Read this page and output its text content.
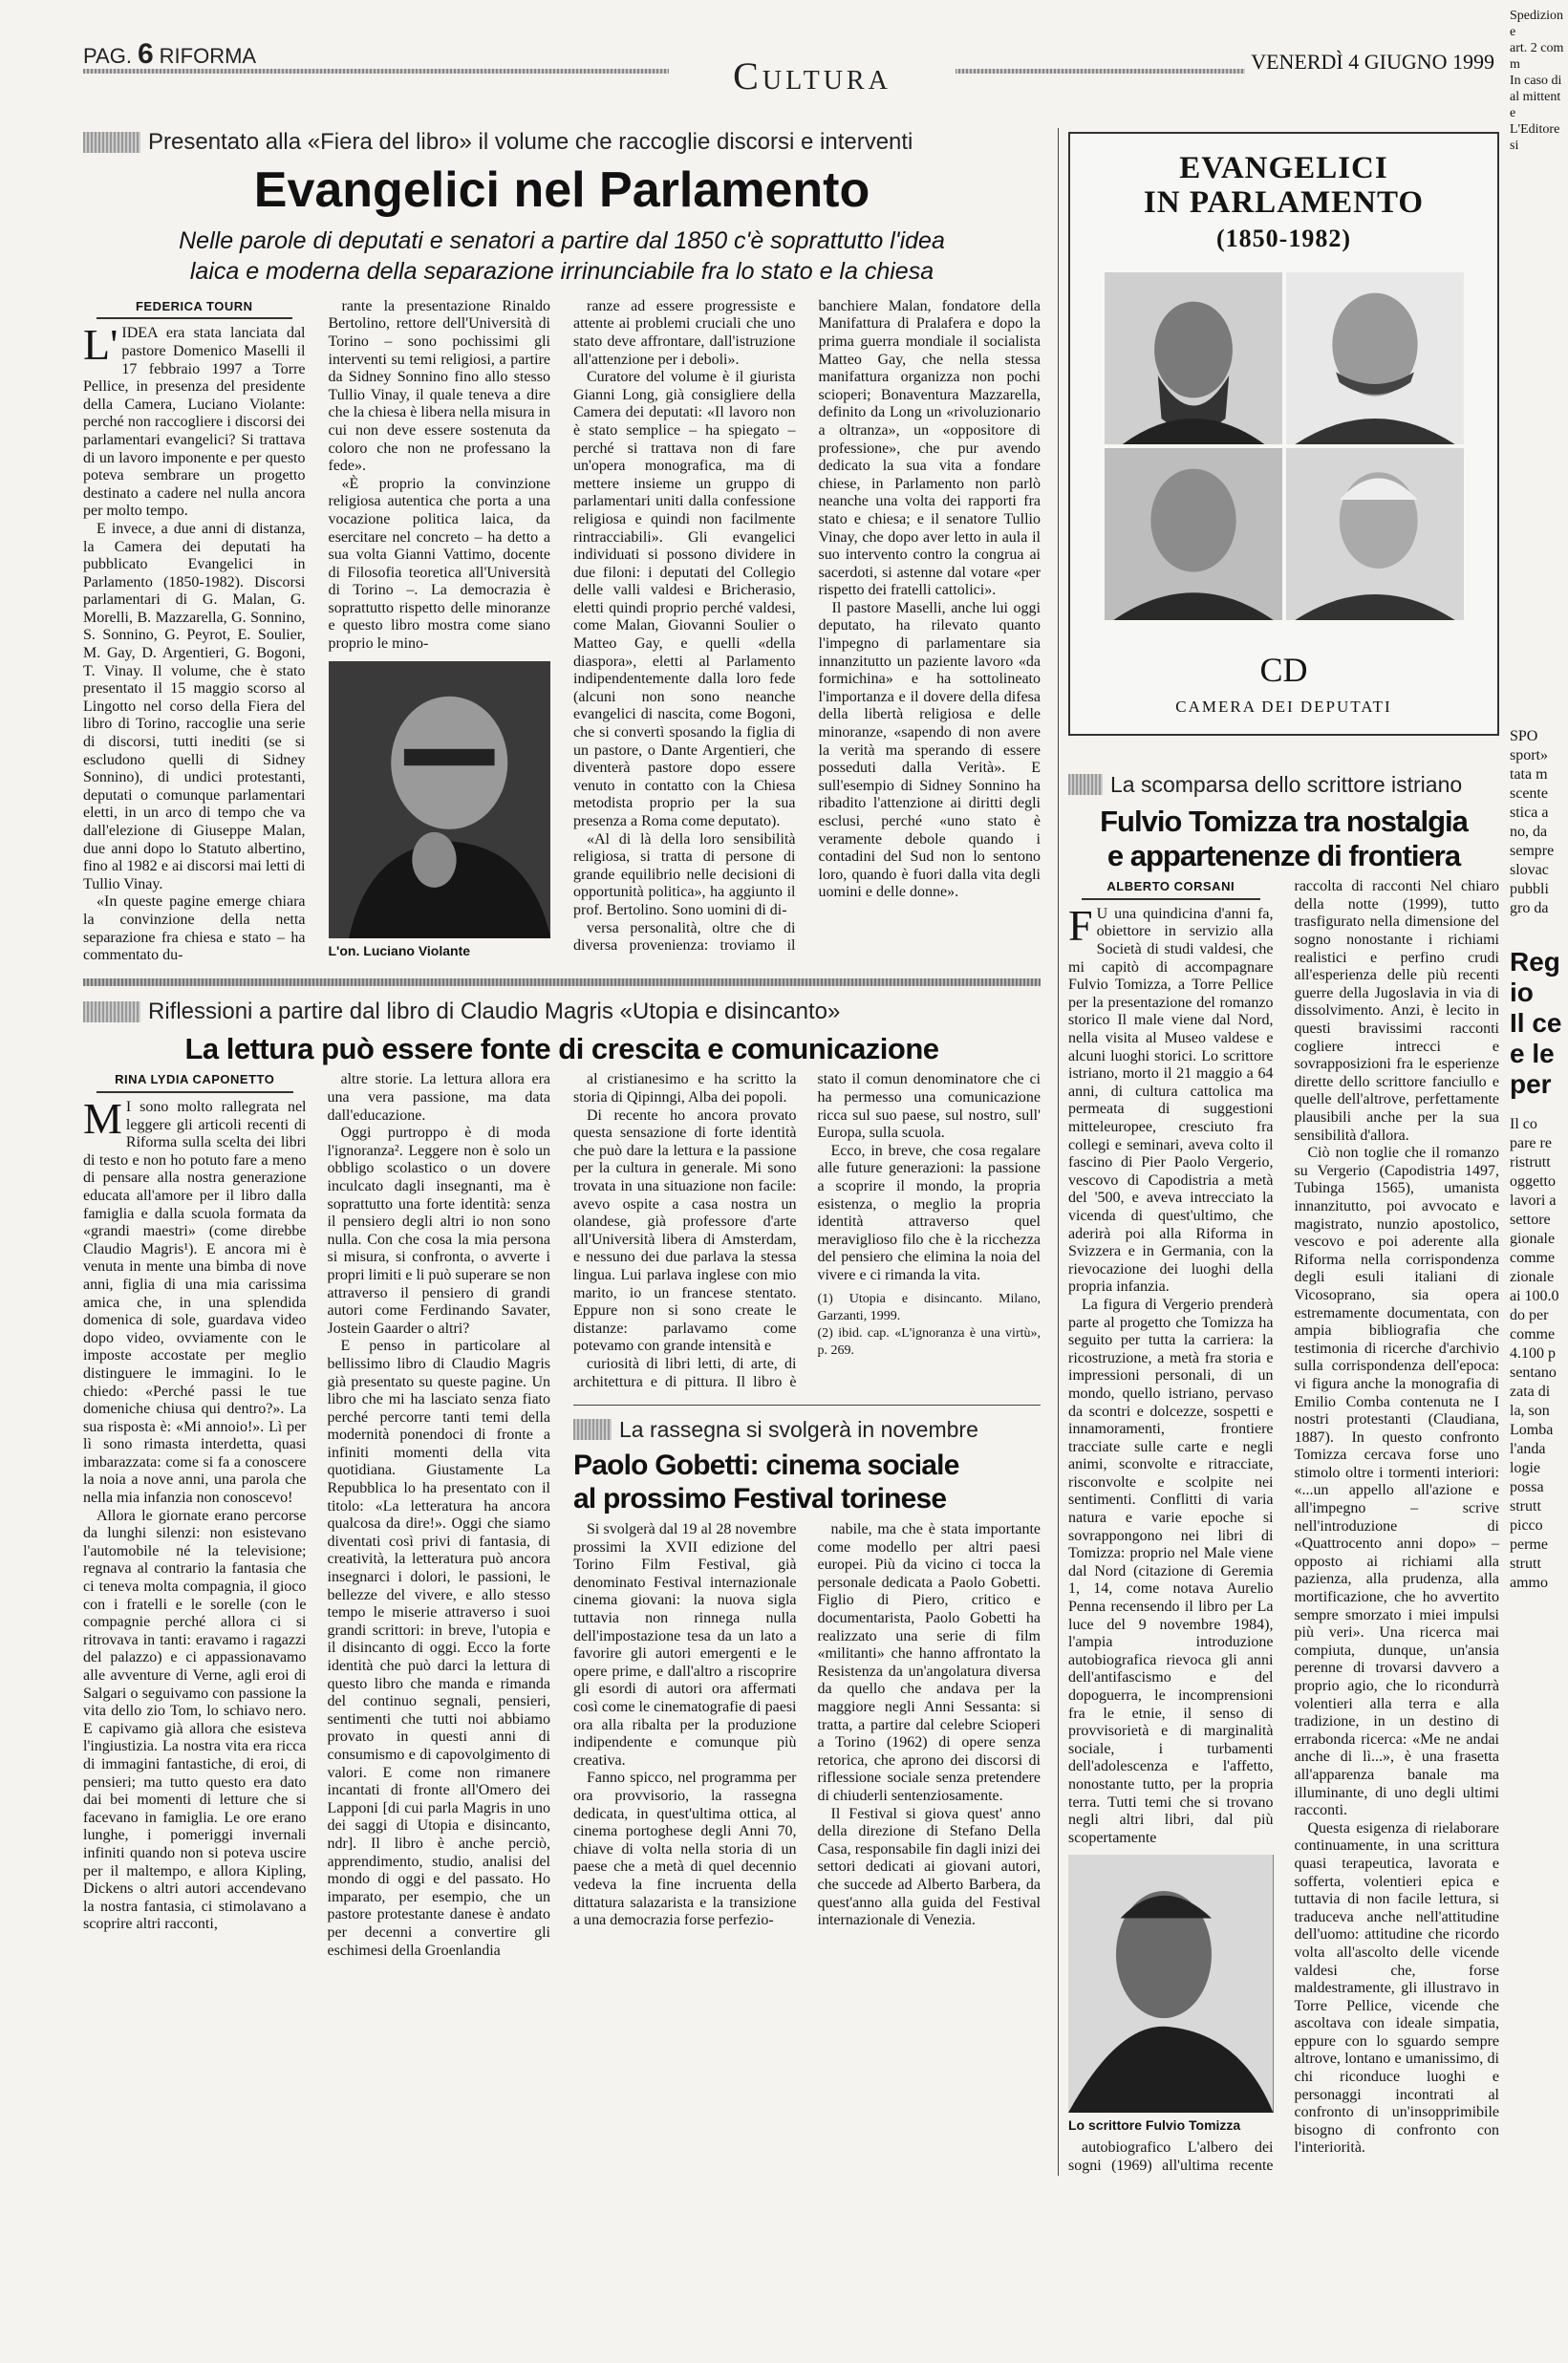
PAG. 6 RIFORMA	Cultura	VENERDÌ 4 GIUGNO 1999
Presentato alla «Fiera del libro» il volume che raccoglie discorsi e interventi
Evangelici nel Parlamento
Nelle parole di deputati e senatori a partire dal 1850 c'è soprattutto l'idea
laica e moderna della separazione irrinunciabile fra lo stato e la chiesa
FEDERICA TOURN

L'IDEA era stata lanciata dal pastore Domenico Maselli il 17 febbraio 1997 a Torre Pellice, in presenza del presidente della Camera, Luciano Violante: perché non raccogliere i discorsi dei parlamentari evangelici? Si trattava di un lavoro imponente e per questo poteva sembrare un progetto destinato a cadere nel nulla ancora per molto tempo.

E invece, a due anni di distanza, la Camera dei deputati ha pubblicato Evangelici in Parlamento (1850-1982). Discorsi parlamentari di G. Malan, G. Morelli, B. Mazzarella, G. Sonnino, S. Sonnino, G. Peyrot, E. Soulier, M. Gay, D. Argentieri, G. Bogoni, T. Vinay. Il volume, che è stato presentato il 15 maggio scorso al Lingotto nel corso della Fiera del libro di Torino, raccoglie una serie di discorsi, tutti inediti (se si escludono quelli di Sidney Sonnino), di undici protestanti, deputati o comunque parlamentari eletti, in un arco di tempo che va dall'elezione di Giuseppe Malan, due anni dopo lo Statuto albertino, fino al 1982 e ai discorsi mai letti di Tullio Vinay.

«In queste pagine emerge chiara la convinzione della netta separazione fra chiesa e stato – ha commentato du-

rante la presentazione Rinaldo Bertolino, rettore dell'Università di Torino – sono pochissimi gli interventi su temi religiosi, a partire da Sidney Sonnino fino allo stesso Tullio Vinay, il quale teneva a dire che la chiesa è libera nella misura in cui non deve essere sostenuta da coloro che non ne professano la fede».

«È proprio la convinzione religiosa autentica che porta a una vocazione politica laica, da esercitare nel concreto – ha detto a sua volta Gianni Vattimo, docente di Filosofia teoretica all'Università di Torino –. La democrazia è soprattutto rispetto delle minoranze e questo libro mostra come siano proprio le mino-

L'on. Luciano Violante

ranze ad essere progressiste e attente ai problemi cruciali che uno stato deve affrontare, dall'istruzione all'attenzione per i deboli».

Curatore del volume è il giurista Gianni Long, già consigliere della Camera dei deputati: «Il lavoro non è stato semplice – ha spiegato – perché si trattava non di fare un'opera monografica, ma di mettere insieme un gruppo di parlamentari uniti dalla confessione religiosa e quindi non facilmente rintracciabili». Gli evangelici individuati si possono dividere in due filoni: i deputati del Collegio delle valli valdesi e Bricherasio, eletti quindi proprio perché valdesi, come Malan, Giovanni Soulier o Matteo Gay, e quelli «della diaspora», eletti al Parlamento indipendentemente dalla loro fede (alcuni non sono neanche evangelici di nascita, come Bogoni, che si convertì sposando la figlia di un pastore, o Dante Argentieri, che diventerà pastore dopo essere venuto in contatto con la Chiesa metodista proprio per la sua presenza a Roma come deputato).

«Al di là della loro sensibilità religiosa, si tratta di persone di grande equilibrio nelle decisioni di opportunità politica», ha aggiunto il prof. Bertolino. Sono uomini di di-

versa personalità, oltre che di diversa provenienza: troviamo il banchiere Malan, fondatore della Manifattura di Pralafera e dopo la prima guerra mondiale il socialista Matteo Gay, che nella stessa manifattura organizza non pochi scioperi; Bonaventura Mazzarella, definito da Long un «rivoluzionario a oltranza», un «oppositore di professione», che pur avendo dedicato la sua vita a fondare chiese, in Parlamento non parlò neanche una volta dei rapporti fra stato e chiesa; e il senatore Tullio Vinay, che dopo aver letto in aula il suo intervento contro la congrua ai sacerdoti, si astenne dal votare «per rispetto dei fratelli cattolici».

Il pastore Maselli, anche lui oggi deputato, ha rilevato quanto l'impegno di parlamentare sia innanzitutto un paziente lavoro «da formichina» e ha sottolineato l'importanza e il dovere della difesa della libertà religiosa e delle minoranze, «sapendo di non avere la verità ma sperando di essere posseduti dalla Verità». E sull'esempio di Sidney Sonnino ha ribadito l'attenzione ai diritti degli esclusi, perché «uno stato è veramente debole quando i contadini del Sud non lo sentono loro, quando è fuori dalla vita degli uomini e delle donne».

Riflessioni a partire dal libro di Claudio Magris «Utopia e disincanto»
La lettura può essere fonte di crescita e comunicazione
RINA LYDIA CAPONETTO

MI sono molto rallegrata nel leggere gli articoli recenti di Riforma sulla scelta dei libri di testo e non ho potuto fare a meno di pensare alla nostra generazione educata all'amore per il libro dalla famiglia e dalla scuola formata da «grandi maestri» (come direbbe Claudio Magris¹). E ancora mi è venuta in mente una bimba di nove anni, figlia di una mia carissima amica che, in una splendida domenica di sole, guardava video dopo video, ovviamente con le imposte accostate per meglio distinguere le immagini. Io le chiedo: «Perché passi le tue domeniche chiusa qui dentro?». La sua risposta è: «Mi annoio!». Lì per lì sono rimasta interdetta, quasi imbarazzata: come si fa a conoscere la noia a nove anni, una parola che nella mia infanzia non conoscevo!

Allora le giornate erano percorse da lunghi silenzi: non esistevano l'automobile né la televisione; regnava al contrario la fantasia che ci teneva molta compagnia, il gioco con i fratelli e le sorelle (con le compagnie perché allora ci si ritrovava in tanti: eravamo i ragazzi del palazzo) e ci appassionavamo alle avventure di Verne, agli eroi di Salgari o seguivamo con passione la vita dello zio Tom, lo schiavo nero. E capivamo già allora che esisteva l'ingiustizia. La nostra vita era ricca di immagini fantastiche, di eroi, di pensieri; ma tutto questo era dato dai bei momenti di letture che si facevano in famiglia. Le ore erano lunghe, i pomeriggi invernali infiniti quando non si poteva uscire per il maltempo, e allora Kipling, Dickens o altri autori accendevano la nostra fantasia, ci stimolavano a scoprire altri racconti,

altre storie. La lettura allora era una vera passione, ma data dall'educazione.

Oggi purtroppo è di moda l'ignoranza². Leggere non è solo un obbligo scolastico o un dovere inculcato dagli insegnanti, ma è soprattutto una forte identità: senza il pensiero degli altri io non sono nulla. Con che cosa la mia persona si misura, si confronta, o avverte i propri limiti e li può superare se non attraverso il pensiero di grandi autori come Ferdinando Savater, Jostein Gaarder o altri?

E penso in particolare al bellissimo libro di Claudio Magris già presentato su queste pagine. Un libro che mi ha lasciato senza fiato perché percorre tanti temi della modernità ponendoci di fronte a infiniti momenti della vita quotidiana. Giustamente La Repubblica lo ha presentato con il titolo: «La letteratura ha ancora qualcosa da dire!». Oggi che siamo diventati così privi di fantasia, di creatività, la letteratura può ancora insegnarci i dolori, le passioni, le bellezze del vivere, e allo stesso tempo le miserie attraverso i suoi grandi scrittori: in breve, l'utopia e il disincanto di oggi. Ecco la forte identità che può darci la lettura di questo libro che manda e rimanda del continuo segnali, pensieri, sentimenti che tutti noi abbiamo provato in questi anni di consumismo e di capovolgimento di valori. E come non rimanere incantati di fronte all'Omero dei Lapponi [di cui parla Magris in uno dei saggi di Utopia e disincanto, ndr]. Il libro è anche perciò, apprendimento, studio, analisi del mondo di oggi e del passato. Ho imparato, per esempio, che un pastore protestante danese è andato per decenni a convertire gli eschimesi della Groenlandia

al cristianesimo e ha scritto la storia di Qipinngi, Alba dei popoli.

Di recente ho ancora provato questa sensazione di forte identità che può dare la lettura e la passione per la cultura in generale. Mi sono trovata in una situazione non facile: avevo ospite a casa nostra un olandese, già professore d'arte all'Università libera di Amsterdam, e nessuno dei due parlava la stessa lingua. Lui parlava inglese con mio marito, io un francese stentato. Eppure non si sono create le distanze: parlavamo come potevamo con grande intensità e

curiosità di libri letti, di arte, di architettura e di pittura. Il libro è stato il comun denominatore che ci ha permesso una comunicazione ricca sul suo paese, sul nostro, sull' Europa, sulla scuola.

Ecco, in breve, che cosa regalare alle future generazioni: la passione a scoprire il mondo, la propria esistenza, o meglio la propria identità attraverso quel meraviglioso filo che è la ricchezza del pensiero che elimina la noia del vivere e ci rimanda la vita.

(1) Utopia e disincanto. Milano, Garzanti, 1999.
(2) ibid. cap. «L'ignoranza è una virtù», p. 269.
La rassegna si svolgerà in novembre
Paolo Gobetti: cinema sociale
al prossimo Festival torinese

Si svolgerà dal 19 al 28 novembre prossimi la XVII edizione del Torino Film Festival, già denominato Festival internazionale cinema giovani: la nuova sigla tuttavia non rinnega nulla dell'impostazione tesa da un lato a favorire gli autori emergenti e le opere prime, e dall'altro a riscoprire gli esordi di autori ora affermati così come le cinematografie di paesi ora alla ribalta per la produzione indipendente e comunque più creativa.

Fanno spicco, nel programma per ora provvisorio, la rassegna dedicata, in quest'ultima ottica, al cinema portoghese degli Anni 70, chiave di volta nella storia di un paese che a metà di quel decennio vedeva la fine incruenta della dittatura salazarista e la transizione a una democrazia forse perfezio-

nabile, ma che è stata importante come modello per altri paesi europei. Più da vicino ci tocca la personale dedicata a Paolo Gobetti. Figlio di Piero, critico e documentarista, Paolo Gobetti ha realizzato una serie di film «militanti» che hanno affrontato la Resistenza da un'angolatura diversa da quello che andava per la maggiore negli Anni Sessanta: si tratta, a partire dal celebre Scioperi a Torino (1962) di opere senza retorica, che aprono dei discorsi di riflessione sociale senza pretendere di chiuderli sentenziosamente.

Il Festival si giova quest' anno della direzione di Stefano Della Casa, responsabile fin dagli inizi dei settori dedicati ai giovani autori, che succede ad Alberto Barbera, da quest'anno alla guida del Festival internazionale di Venezia.

EVANGELICI
IN PARLAMENTO
(1850-1982)
CD
CAMERA DEI DEPUTATI
La scomparsa dello scrittore istriano
Fulvio Tomizza tra nostalgia
e appartenenze di frontiera
ALBERTO CORSANI

FU una quindicina d'anni fa, obiettore in servizio alla Società di studi valdesi, che mi capitò di accompagnare Fulvio Tomizza, a Torre Pellice per la presentazione del romanzo storico Il male viene dal Nord, nella visita al Museo valdese e alcuni luoghi storici. Lo scrittore istriano, morto il 21 maggio a 64 anni, di cultura cattolica ma permeata di suggestioni mitteleuropee, cresciuto fra collegi e seminari, aveva colto il fascino di Pier Paolo Vergerio, vescovo di Capodistria a metà del '500, e aveva intrecciato la vicenda di quest'ultimo, che aderirà poi alla Riforma in Svizzera e in Germania, con la rievocazione dei luoghi della propria infanzia.

La figura di Vergerio prenderà parte al progetto che Tomizza ha seguito per tutta la carriera: la ricostruzione, a metà fra storia e impressioni personali, di un mondo, quello istriano, pervaso da scontri e dolcezze, sospetti e innamoramenti, frontiere tracciate sulle carte e negli animi, sconvolte e ritracciate, risconvolte e scolpite nei sentimenti. Conflitti di varia natura e varie epoche si sovrappongono nei libri di Tomizza: proprio nel Male viene dal Nord (citazione di Geremia 1, 14, come notava Aurelio Penna recensendo il libro per La luce del 9 novembre 1984), l'ampia introduzione autobiografica rievoca gli anni dell'antifascismo e del dopoguerra, le incomprensioni fra le etnie, il senso di provvisorietà e di marginalità sociale, i turbamenti dell'adolescenza e l'affetto, nonostante tutto, per la propria terra. Tutti temi che si trovano negli altri libri, dal più scopertamente

Lo scrittore Fulvio Tomizza

autobiografico L'albero dei sogni (1969) all'ultima recente raccolta di racconti Nel chiaro della notte (1999), tutto trasfigurato nella dimensione del sogno nonostante i richiami realistici e perfino crudi all'esperienza delle più recenti guerre della Jugoslavia in via di dissolvimento. Anzi, è lecito in questi bravissimi racconti cogliere intrecci e sovrapposizioni fra le esperienze dirette dello scrittore fanciullo e quelle dell'altrove, perfettamente plausibili anche per la sua sensibilità d'allora.

Ciò non toglie che il romanzo su Vergerio (Capodistria 1497, Tubinga 1565), umanista innanzitutto, poi avvocato e magistrato, nunzio apostolico, vescovo e poi aderente alla Riforma nella corrispondenza degli esuli italiani di Vicosoprano, sia opera estremamente documentata, con ampia bibliografia che testimonia di ricerche d'archivio sulla corrispondenza dell'epoca: vi figura anche la monografia di Emilio Comba contenuta ne I nostri protestanti (Claudiana, 1887). In questo confronto Tomizza cercava forse uno stimolo oltre i tormenti interiori: «...un appello all'azione e all'impegno – scrive nell'introduzione di «Quattrocento anni dopo» – opposto ai richiami alla pazienza, alla prudenza, alla mortificazione, che ho avvertito sempre smorzato i miei impulsi più veri». Una ricerca mai compiuta, dunque, un'ansia perenne di trovarsi davvero a proprio agio, che lo ricondurrà volentieri alla terra e alla tradizione, in un destino di errabonda ricerca: «Me ne andai anche di lì...», è una frasetta all'apparenza banale ma illuminante, di uno degli ultimi racconti.

Questa esigenza di rielaborare continuamente, in una scrittura quasi terapeutica, lavorata e sofferta, volentieri epica e tuttavia di non facile lettura, si traduceva anche nell'attitudine dell'uomo: attitudine che ricordo volta all'ascolto delle vicende valdesi che, forse maldestramente, gli illustravo in Torre Pellice, vicende che ascoltava con ideale simpatia, eppure con lo sguardo sempre altrove, lontano e umanissimo, di chi riconduce luoghi e personaggi incontrati al confronto di un'insopprimibile bisogno di confronto con l'interiorità.

Spedizione
art. 2 comm
In caso di
al mittente
L'Editore si
SPO
sport»
tata m
scente
stica a
no, da
sempre
slovac
pubbli
gro da
Regio
Il ce
e le
per
Il co
pare re
ristrutt
oggetto
lavori a
settore
gionale
comme
zionale
ai 100.0
do per
comme
4.100 p
sentano
zata di
la, son
Lomba
l'anda
logie
possa
strutt
picco
perme
strutt
ammo
